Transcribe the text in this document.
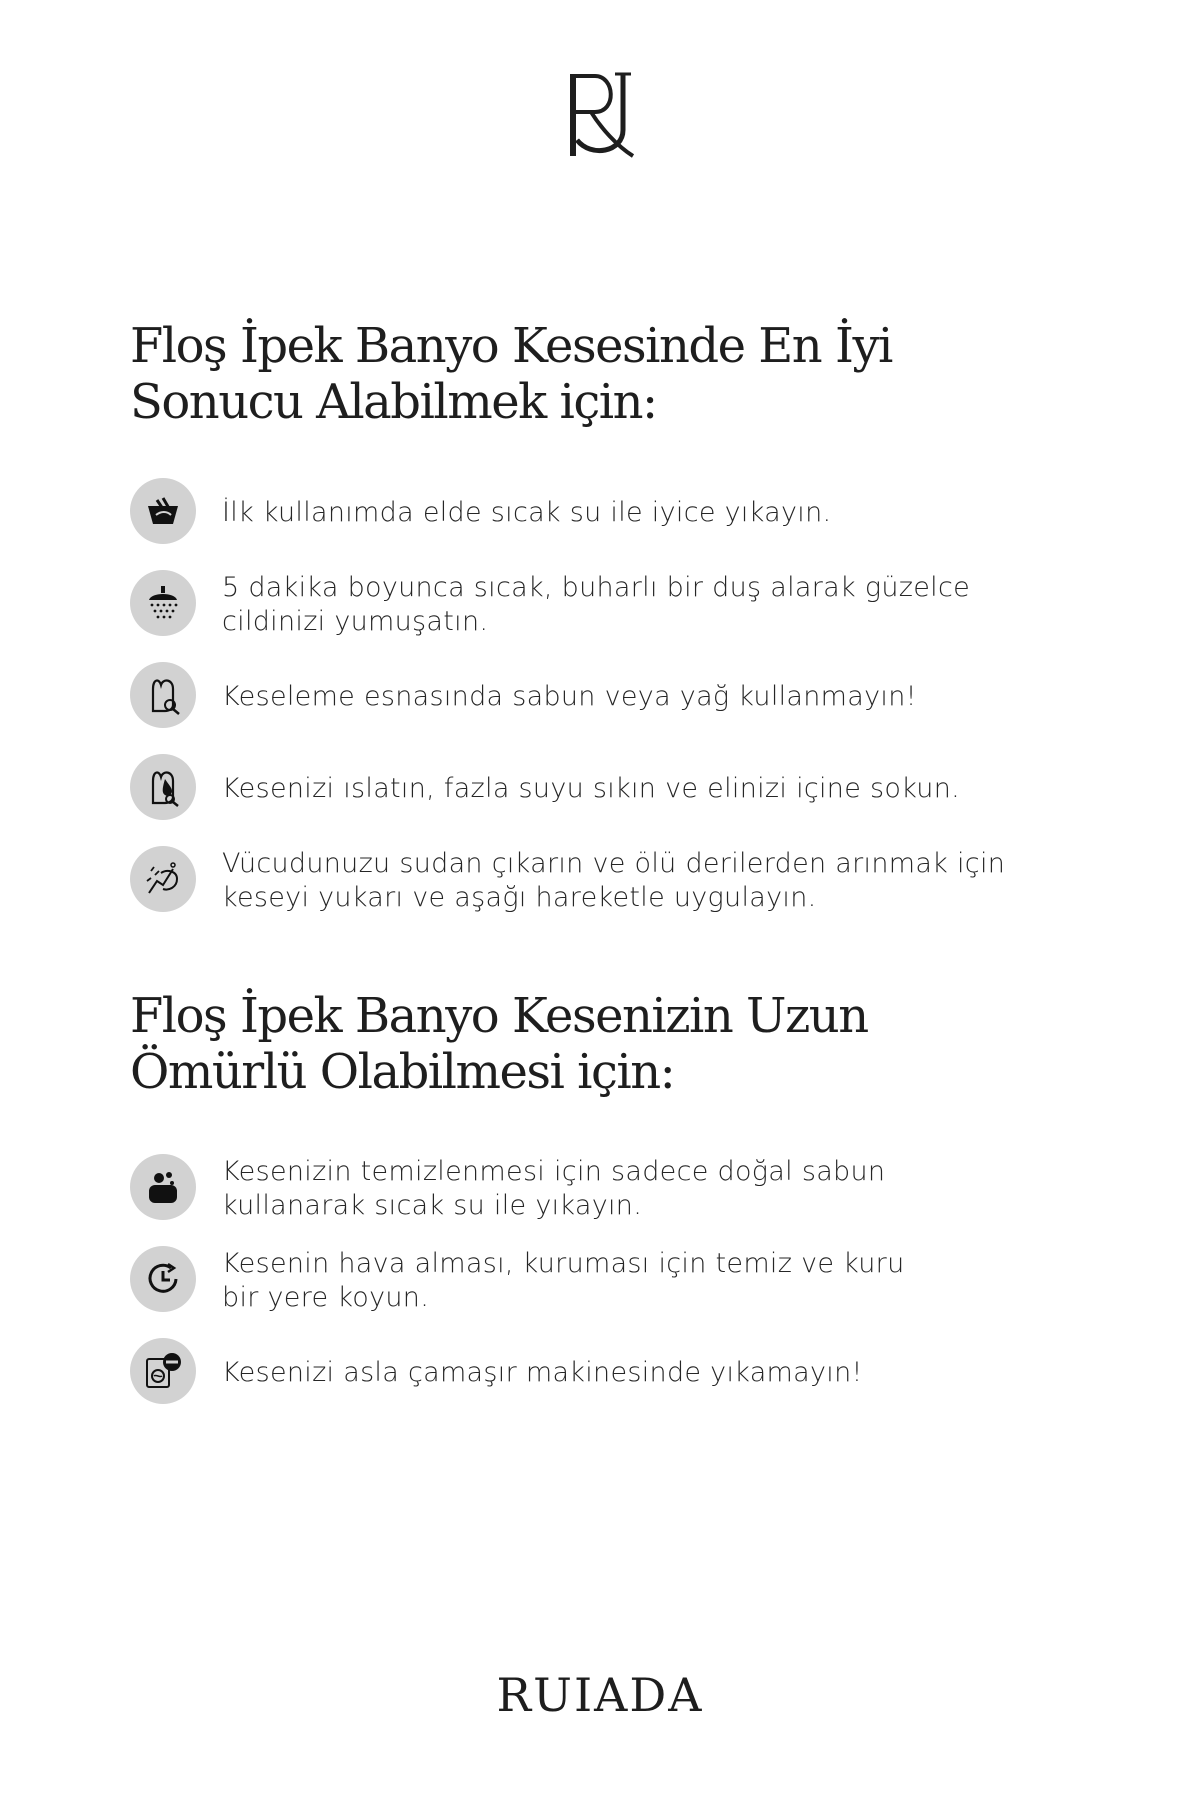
Floş İpek Banyo Kesesinde En İyi
Sonucu Alabilmek için:

İlk kullanımda elde sıcak su ile iyice yıkayın.

5 dakika boyunca sıcak, buharlı bir duş alarak güzelce
cildinizi yumuşatın.

Keseleme esnasında sabun veya yağ kullanmayın!

Kesenizi ıslatın, fazla suyu sıkın ve elinizi içine sokun.

Vücudunuzu sudan çıkarın ve ölü derilerden arınmak için
keseyi yukarı ve aşağı hareketle uygulayın.

Floş İpek Banyo Kesenizin Uzun
Ömürlü Olabilmesi için:

Kesenizin temizlenmesi için sadece doğal sabun
kullanarak sıcak su ile yıkayın.

Kesenin hava alması, kuruması için temiz ve kuru
bir yere koyun.

Kesenizi asla çamaşır makinesinde yıkamayın!

RUIADA
